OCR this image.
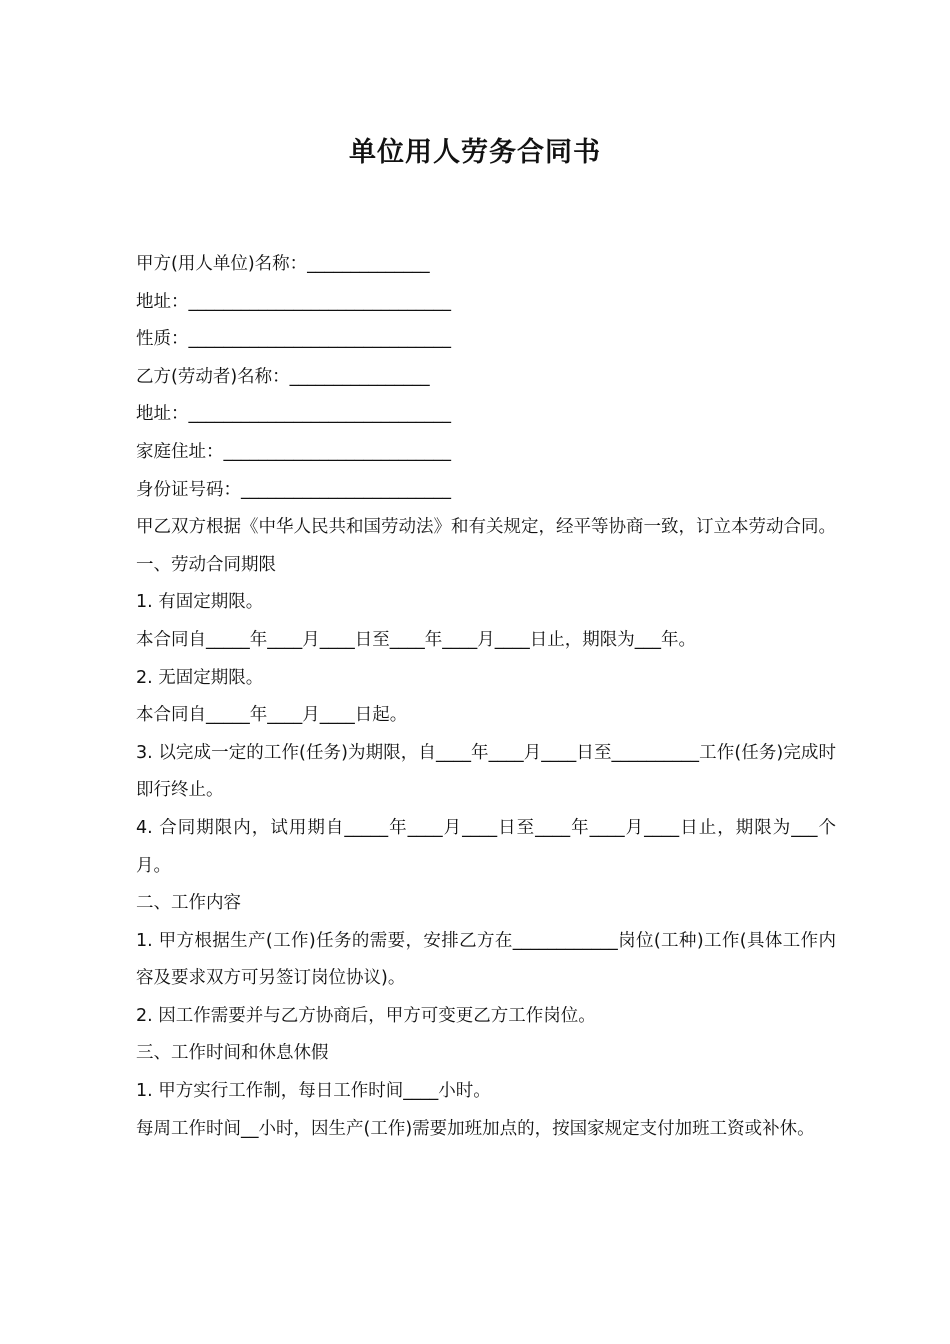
单位用人劳务合同书

甲方(用人单位)名称：______________

地址：______________________________

性质：______________________________

乙方(劳动者)名称：________________

地址：______________________________

家庭住址：__________________________

身份证号码：________________________

甲乙双方根据《中华人民共和国劳动法》和有关规定，经平等协商一致，订立本劳动合同。

一、劳动合同期限

1. 有固定期限。

本合同自_____年____月____日至____年____月____日止，期限为___年。

2. 无固定期限。

本合同自_____年____月____日起。

3. 以完成一定的工作(任务)为期限，自____年____月____日至__________工作(任务)完成时即行终止。

4. 合同期限内，试用期自_____年____月____日至____年____月____日止，期限为___个月。

二、工作内容

1. 甲方根据生产(工作)任务的需要，安排乙方在____________岗位(工种)工作(具体工作内容及要求双方可另签订岗位协议)。

2. 因工作需要并与乙方协商后，甲方可变更乙方工作岗位。

三、工作时间和休息休假

1. 甲方实行工作制，每日工作时间____小时。

每周工作时间__小时，因生产(工作)需要加班加点的，按国家规定支付加班工资或补休。
